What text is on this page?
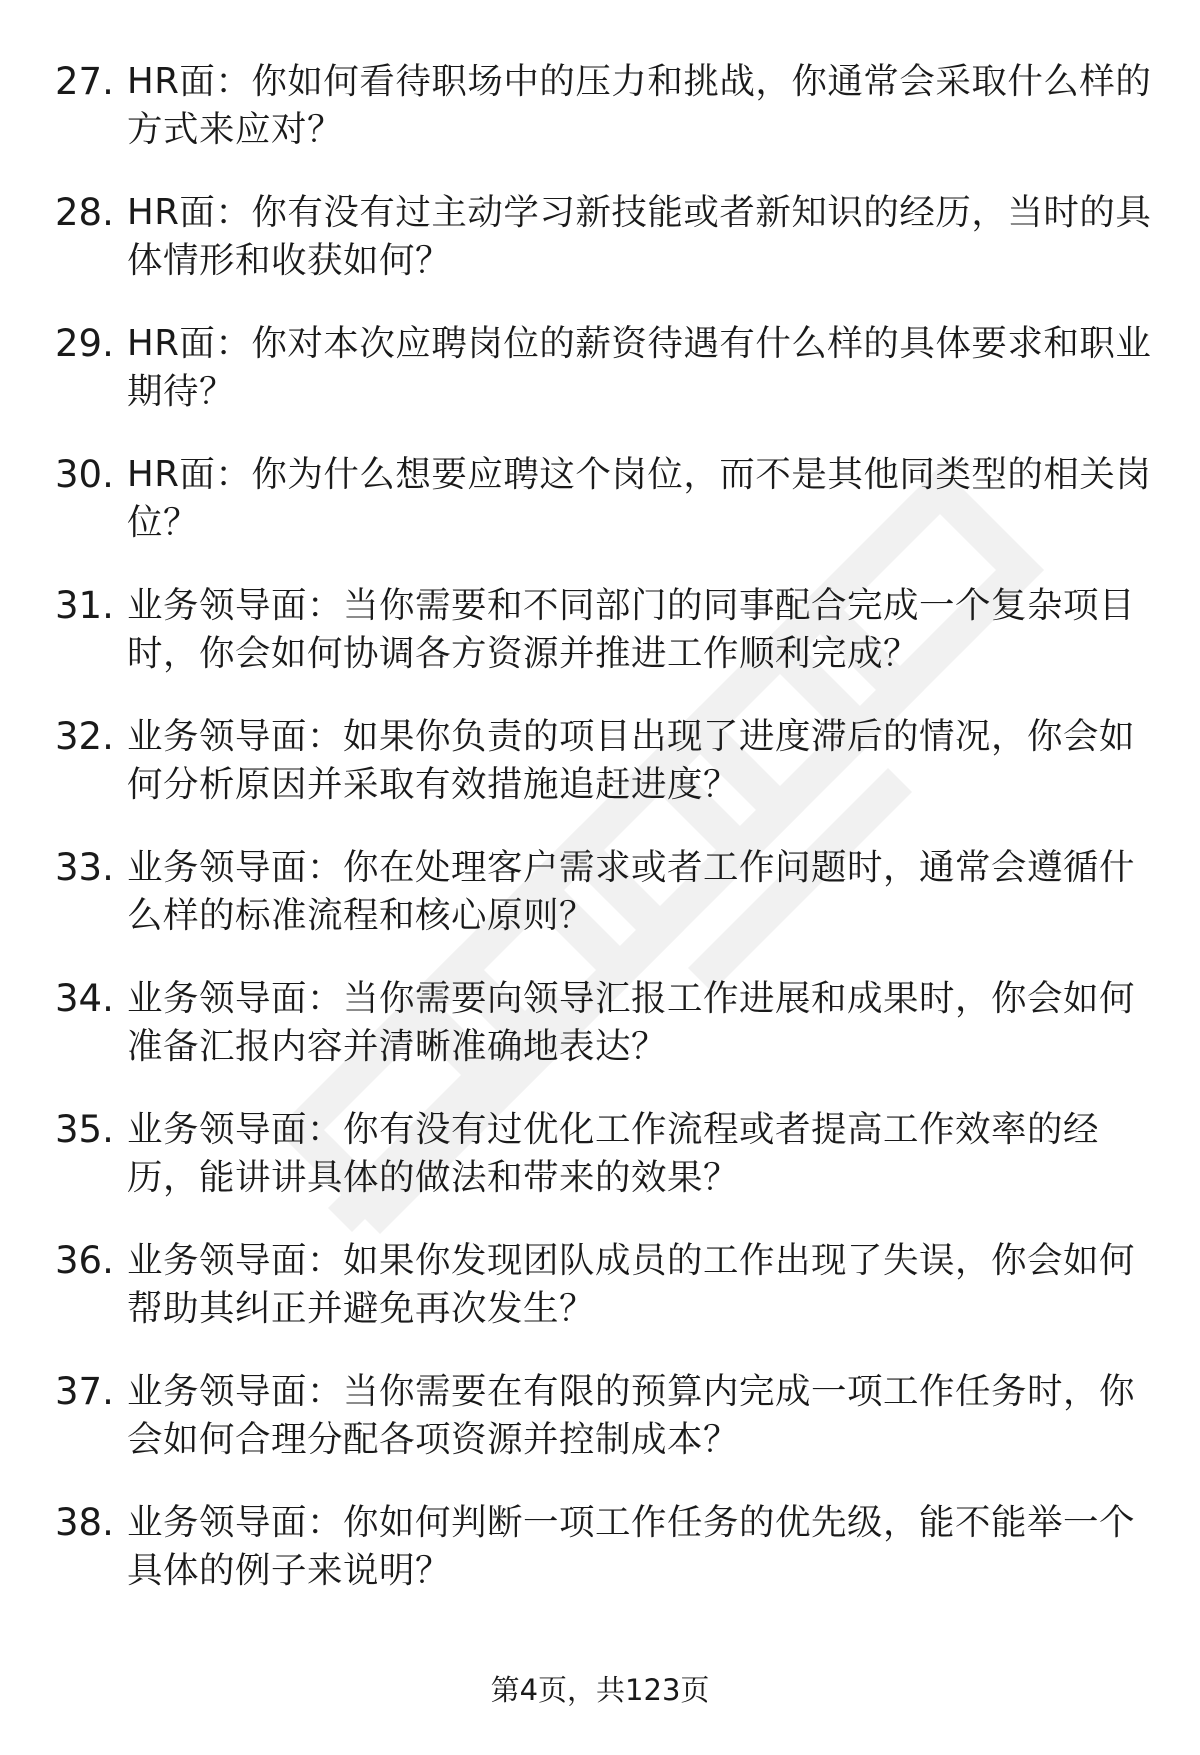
27. HR面：你如何看待职场中的压力和挑战，你通常会采取什么样的方式来应对？
28. HR面：你有没有过主动学习新技能或者新知识的经历，当时的具体情形和收获如何？
29. HR面：你对本次应聘岗位的薪资待遇有什么样的具体要求和职业期待？
30. HR面：你为什么想要应聘这个岗位，而不是其他同类型的相关岗位？
31. 业务领导面：当你需要和不同部门的同事配合完成一个复杂项目时，你会如何协调各方资源并推进工作顺利完成？
32. 业务领导面：如果你负责的项目出现了进度滞后的情况，你会如何分析原因并采取有效措施追赶进度？
33. 业务领导面：你在处理客户需求或者工作问题时，通常会遵循什么样的标准流程和核心原则？
34. 业务领导面：当你需要向领导汇报工作进展和成果时，你会如何准备汇报内容并清晰准确地表达？
35. 业务领导面：你有没有过优化工作流程或者提高工作效率的经历，能讲讲具体的做法和带来的效果？
36. 业务领导面：如果你发现团队成员的工作出现了失误，你会如何帮助其纠正并避免再次发生？
37. 业务领导面：当你需要在有限的预算内完成一项工作任务时，你会如何合理分配各项资源并控制成本？
38. 业务领导面：你如何判断一项工作任务的优先级，能不能举一个具体的例子来说明？
第4页，共123页
